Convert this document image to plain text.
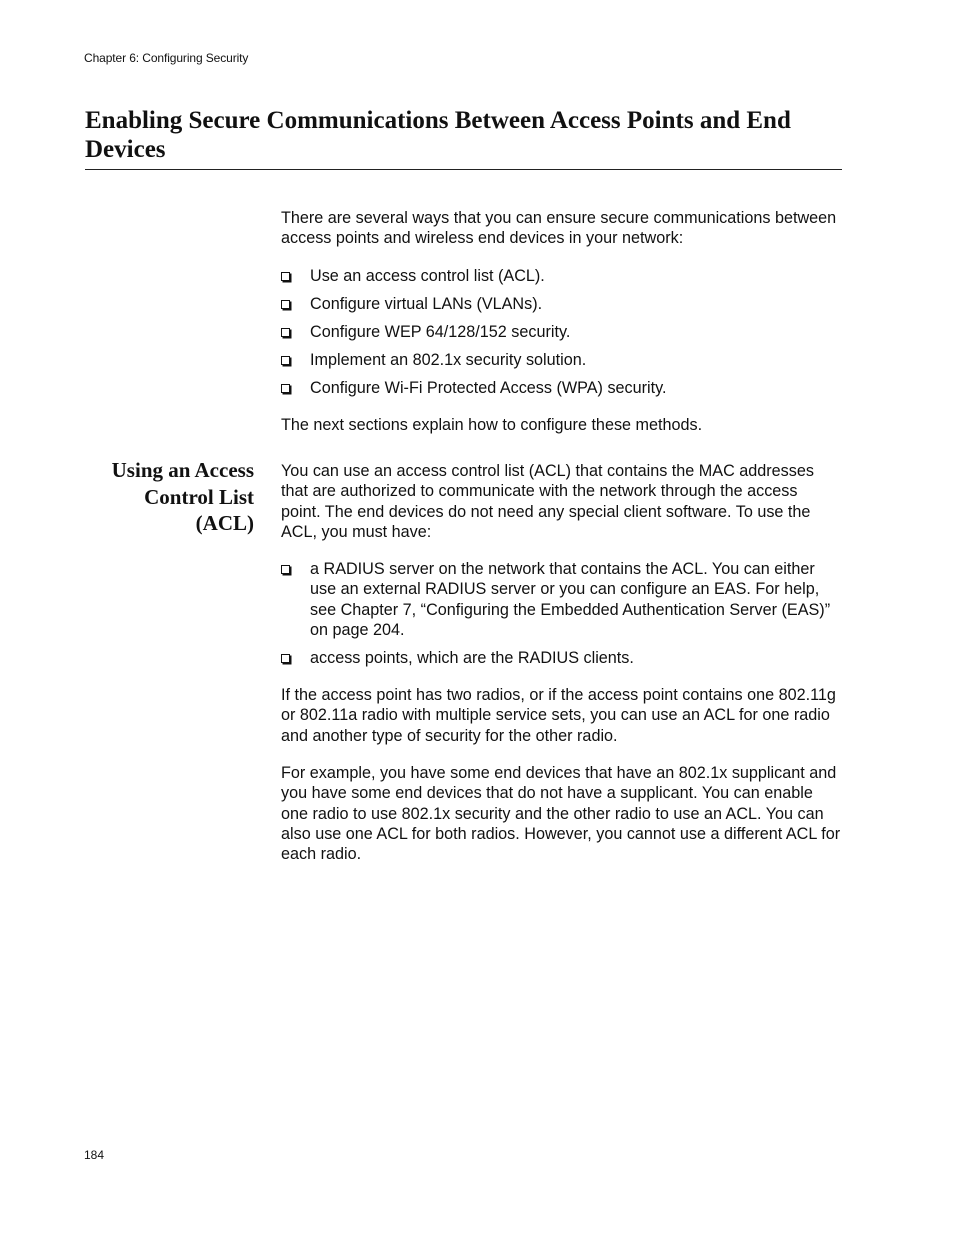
Chapter 6: Configuring Security
Enabling Secure Communications Between Access Points and End Devices

There are several ways that you can ensure secure communications between access points and wireless end devices in your network:

Use an access control list (ACL).
Configure virtual LANs (VLANs).
Configure WEP 64/128/152 security.
Implement an 802.1x security solution.
Configure Wi-Fi Protected Access (WPA) security.

The next sections explain how to configure these methods.

Using an Access Control List (ACL)

You can use an access control list (ACL) that contains the MAC addresses that are authorized to communicate with the network through the access point. The end devices do not need any special client software. To use the ACL, you must have:

a RADIUS server on the network that contains the ACL. You can either use an external RADIUS server or you can configure an EAS. For help, see Chapter 7, “Configuring the Embedded Authentication Server (EAS)” on page 204.
access points, which are the RADIUS clients.

If the access point has two radios, or if the access point contains one 802.11g or 802.11a radio with multiple service sets, you can use an ACL for one radio and another type of security for the other radio.

For example, you have some end devices that have an 802.1x supplicant and you have some end devices that do not have a supplicant. You can enable one radio to use 802.1x security and the other radio to use an ACL. You can also use one ACL for both radios. However, you cannot use a different ACL for each radio.

184
